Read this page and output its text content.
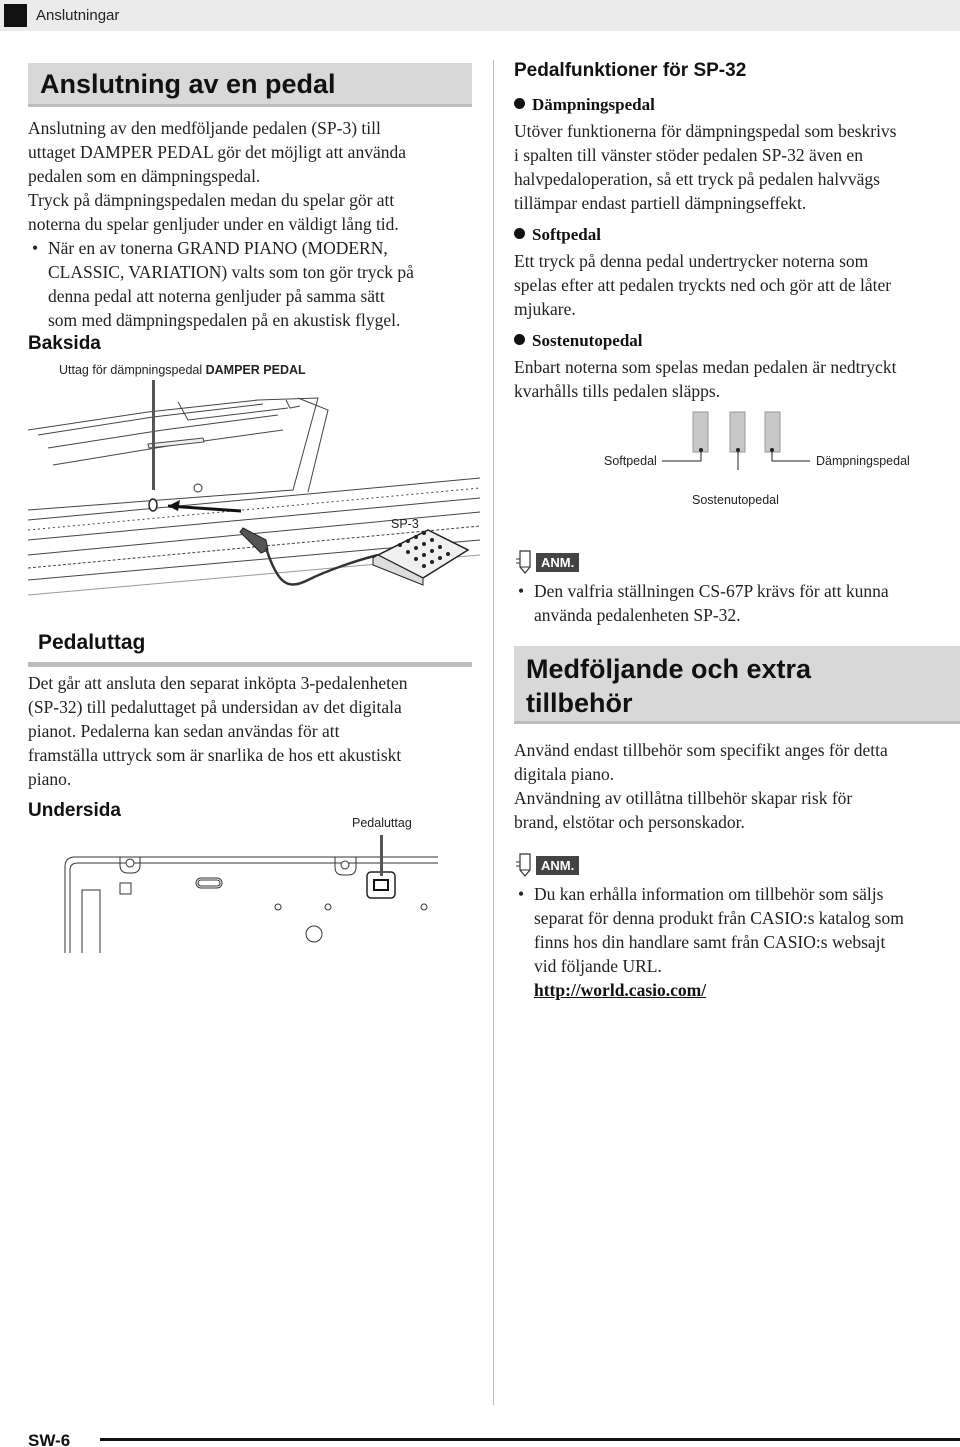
Anslutningar
Anslutning av en pedal
Anslutning av den medföljande pedalen (SP-3) till
uttaget DAMPER PEDAL gör det möjligt att använda
pedalen som en dämpningspedal.
Tryck på dämpningspedalen medan du spelar gör att
noterna du spelar genljuder under en väldigt lång tid.
• När en av tonerna GRAND PIANO (MODERN,
CLASSIC, VARIATION) valts som ton gör tryck på
denna pedal att noterna genljuder på samma sätt
som med dämpningspedalen på en akustisk flygel.
Baksida
Uttag för dämpningspedal DAMPER PEDAL
SP-3
Pedaluttag
Det går att ansluta den separat inköpta 3-pedalenheten
(SP-32) till pedaluttaget på undersidan av det digitala
pianot. Pedalerna kan sedan användas för att
framställa uttryck som är snarlika de hos ett akustiskt
piano.
Undersida
Pedaluttag
Pedalfunktioner för SP-32
Dämpningspedal
Utöver funktionerna för dämpningspedal som beskrivs
i spalten till vänster stöder pedalen SP-32 även en
halvpedaloperation, så ett tryck på pedalen halvvägs
tillämpar endast partiell dämpningseffekt.
Softpedal
Ett tryck på denna pedal undertrycker noterna som
spelas efter att pedalen tryckts ned och gör att de låter
mjukare.
Sostenutopedal
Enbart noterna som spelas medan pedalen är nedtryckt
kvarhålls tills pedalen släpps.
Softpedal	Dämpningspedal
Sostenutopedal
ANM.
• Den valfria ställningen CS-67P krävs för att kunna
använda pedalenheten SP-32.
Medföljande och extra
tillbehör
Använd endast tillbehör som specifikt anges för detta
digitala piano.
Användning av otillåtna tillbehör skapar risk för
brand, elstötar och personskador.
ANM.
• Du kan erhålla information om tillbehör som säljs
separat för denna produkt från CASIO:s katalog som
finns hos din handlare samt från CASIO:s websajt
vid följande URL.
http://world.casio.com/
SW-6
